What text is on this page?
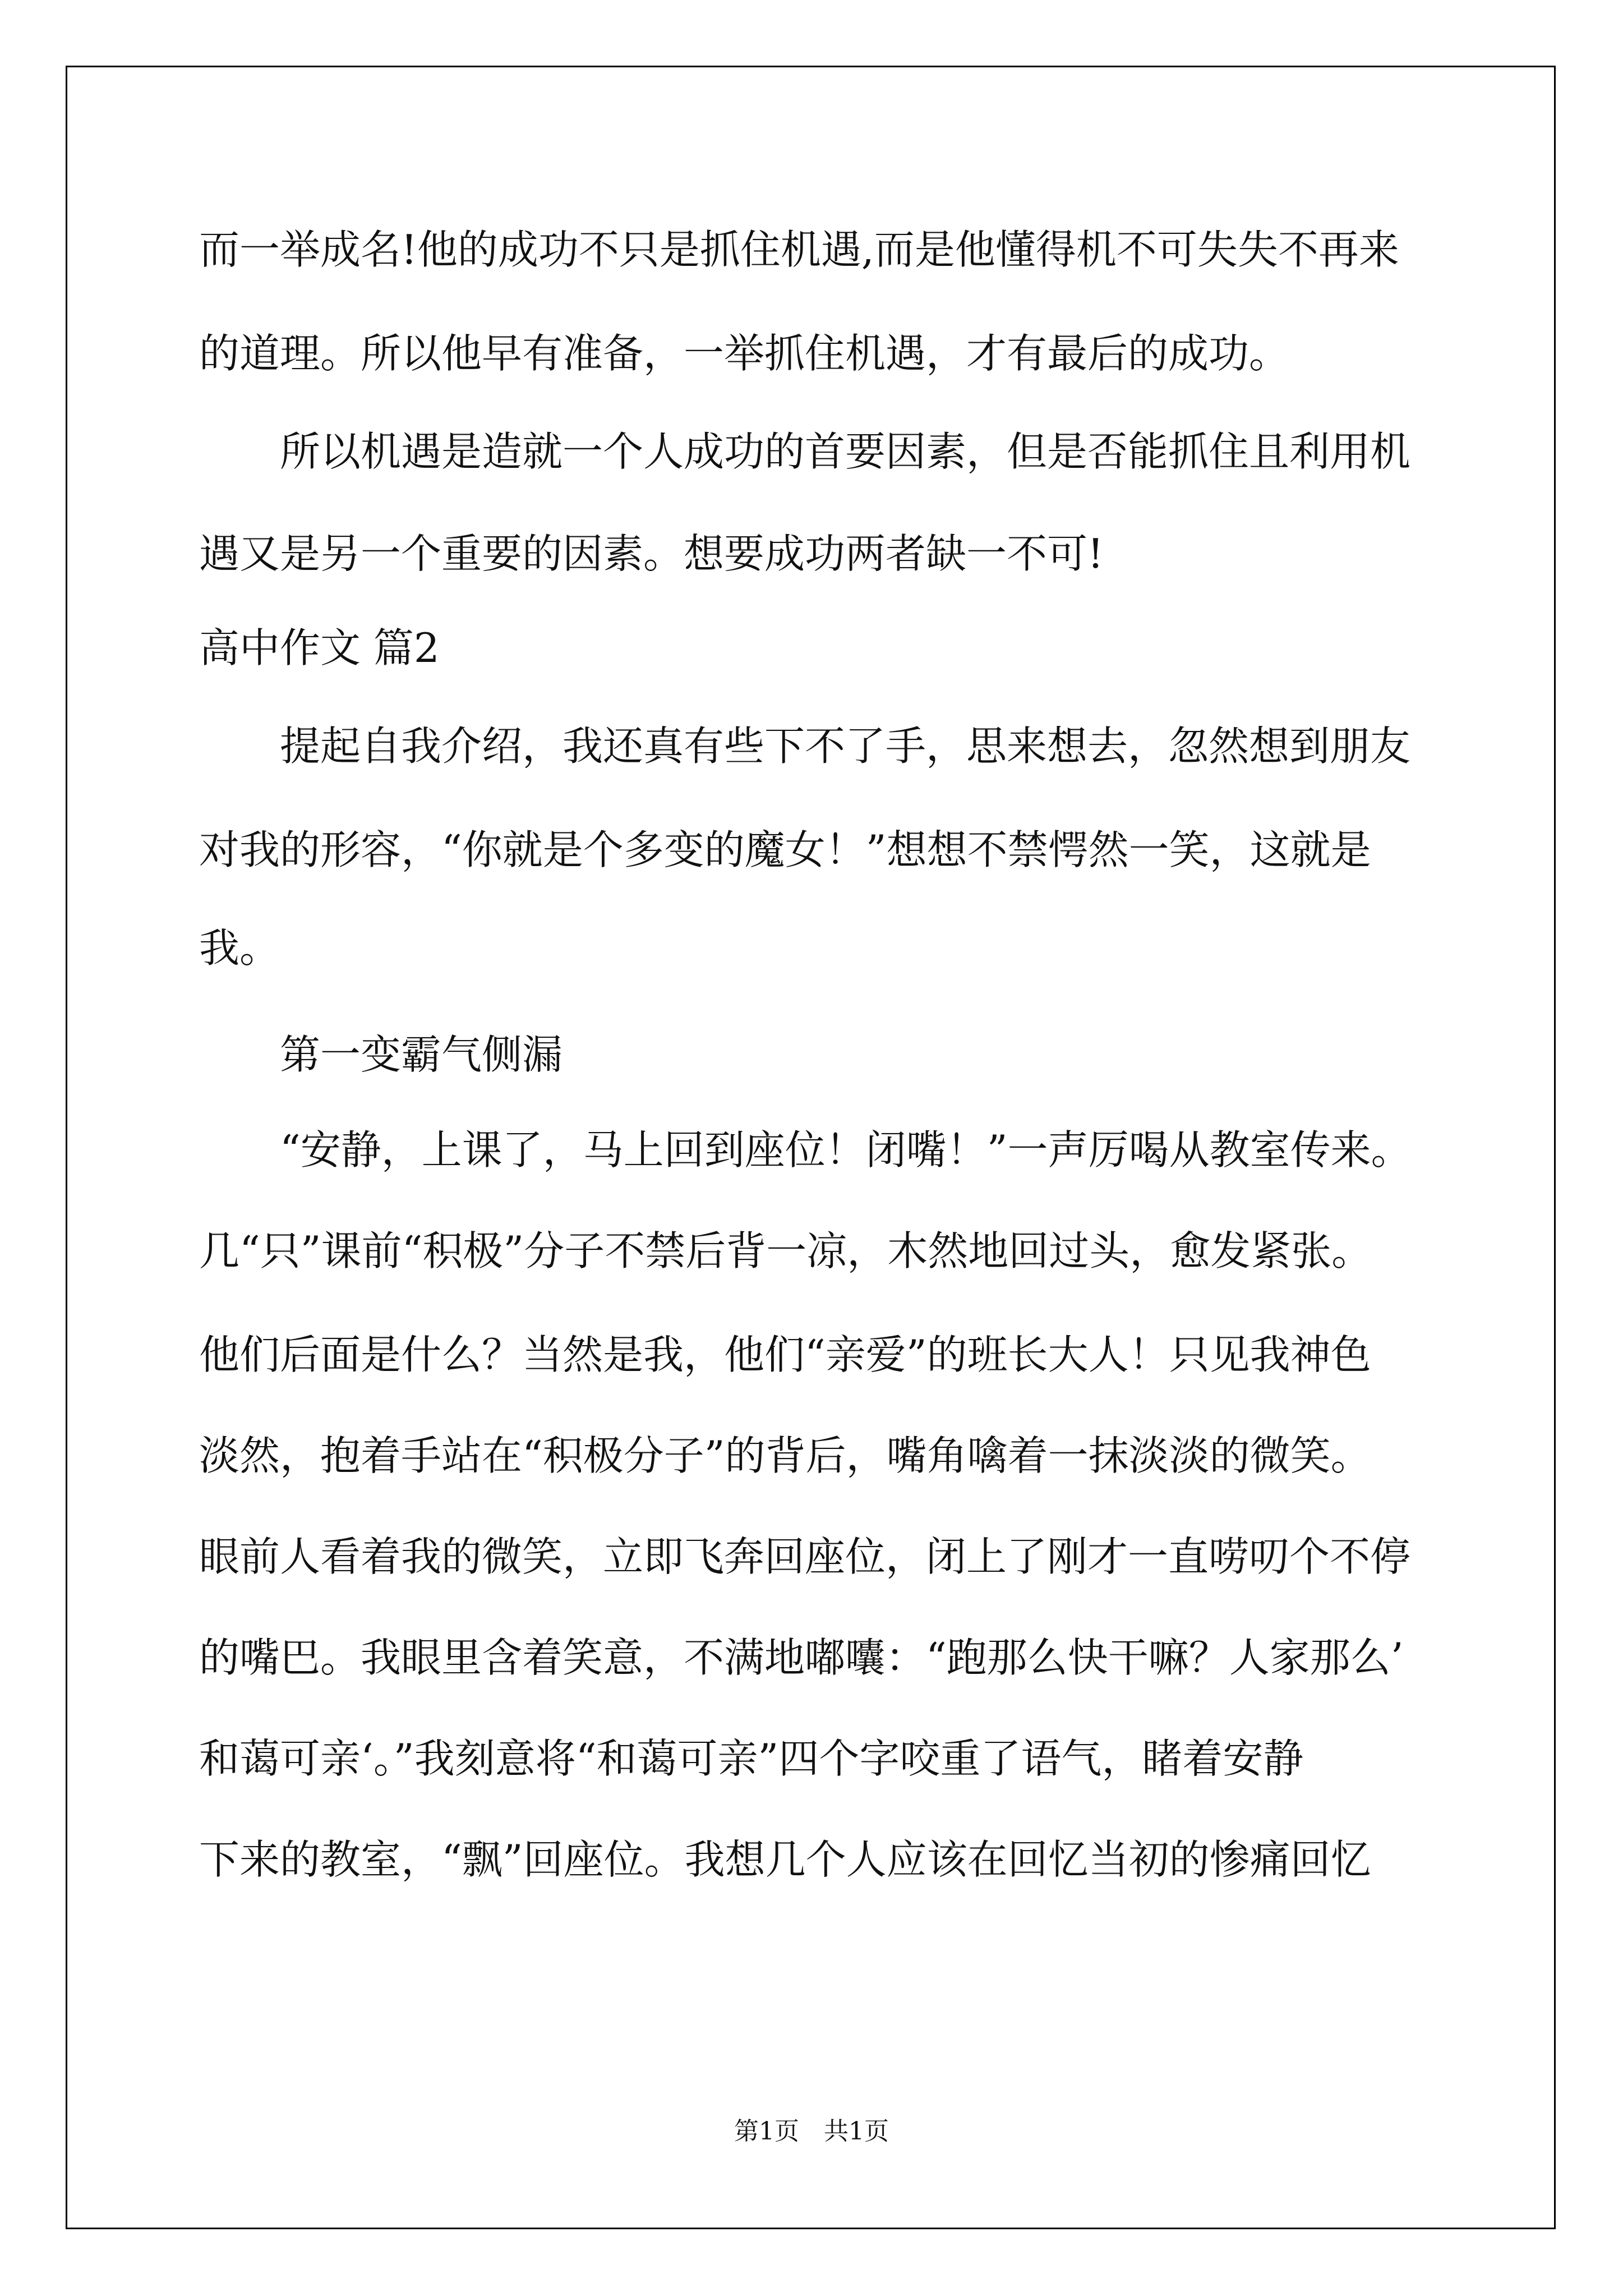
而一举成名!他的成功不只是抓住机遇,而是他懂得机不可失失不再来
的道理。所以他早有准备，一举抓住机遇，才有最后的成功。
所以机遇是造就一个人成功的首要因素，但是否能抓住且利用机
遇又是另一个重要的因素。想要成功两者缺一不可!
高中作文 篇2
提起自我介绍，我还真有些下不了手，思来想去，忽然想到朋友
对我的形容，“你就是个多变的魔女！”想想不禁愕然一笑，这就是
我。
第一变霸气侧漏
“安静，上课了，马上回到座位！闭嘴！”一声厉喝从教室传来。
几“只”课前“积极”分子不禁后背一凉，木然地回过头，愈发紧张。
他们后面是什么？当然是我，他们“亲爱”的班长大人！只见我神色
淡然，抱着手站在“积极分子”的背后，嘴角噙着一抹淡淡的微笑。
眼前人看着我的微笑，立即飞奔回座位，闭上了刚才一直唠叨个不停
的嘴巴。我眼里含着笑意，不满地嘟囔：“跑那么快干嘛？人家那么’
和蔼可亲‘。”我刻意将“和蔼可亲”四个字咬重了语气，睹着安静
下来的教室，“飘”回座位。我想几个人应该在回忆当初的惨痛回忆
第1页　共1页
